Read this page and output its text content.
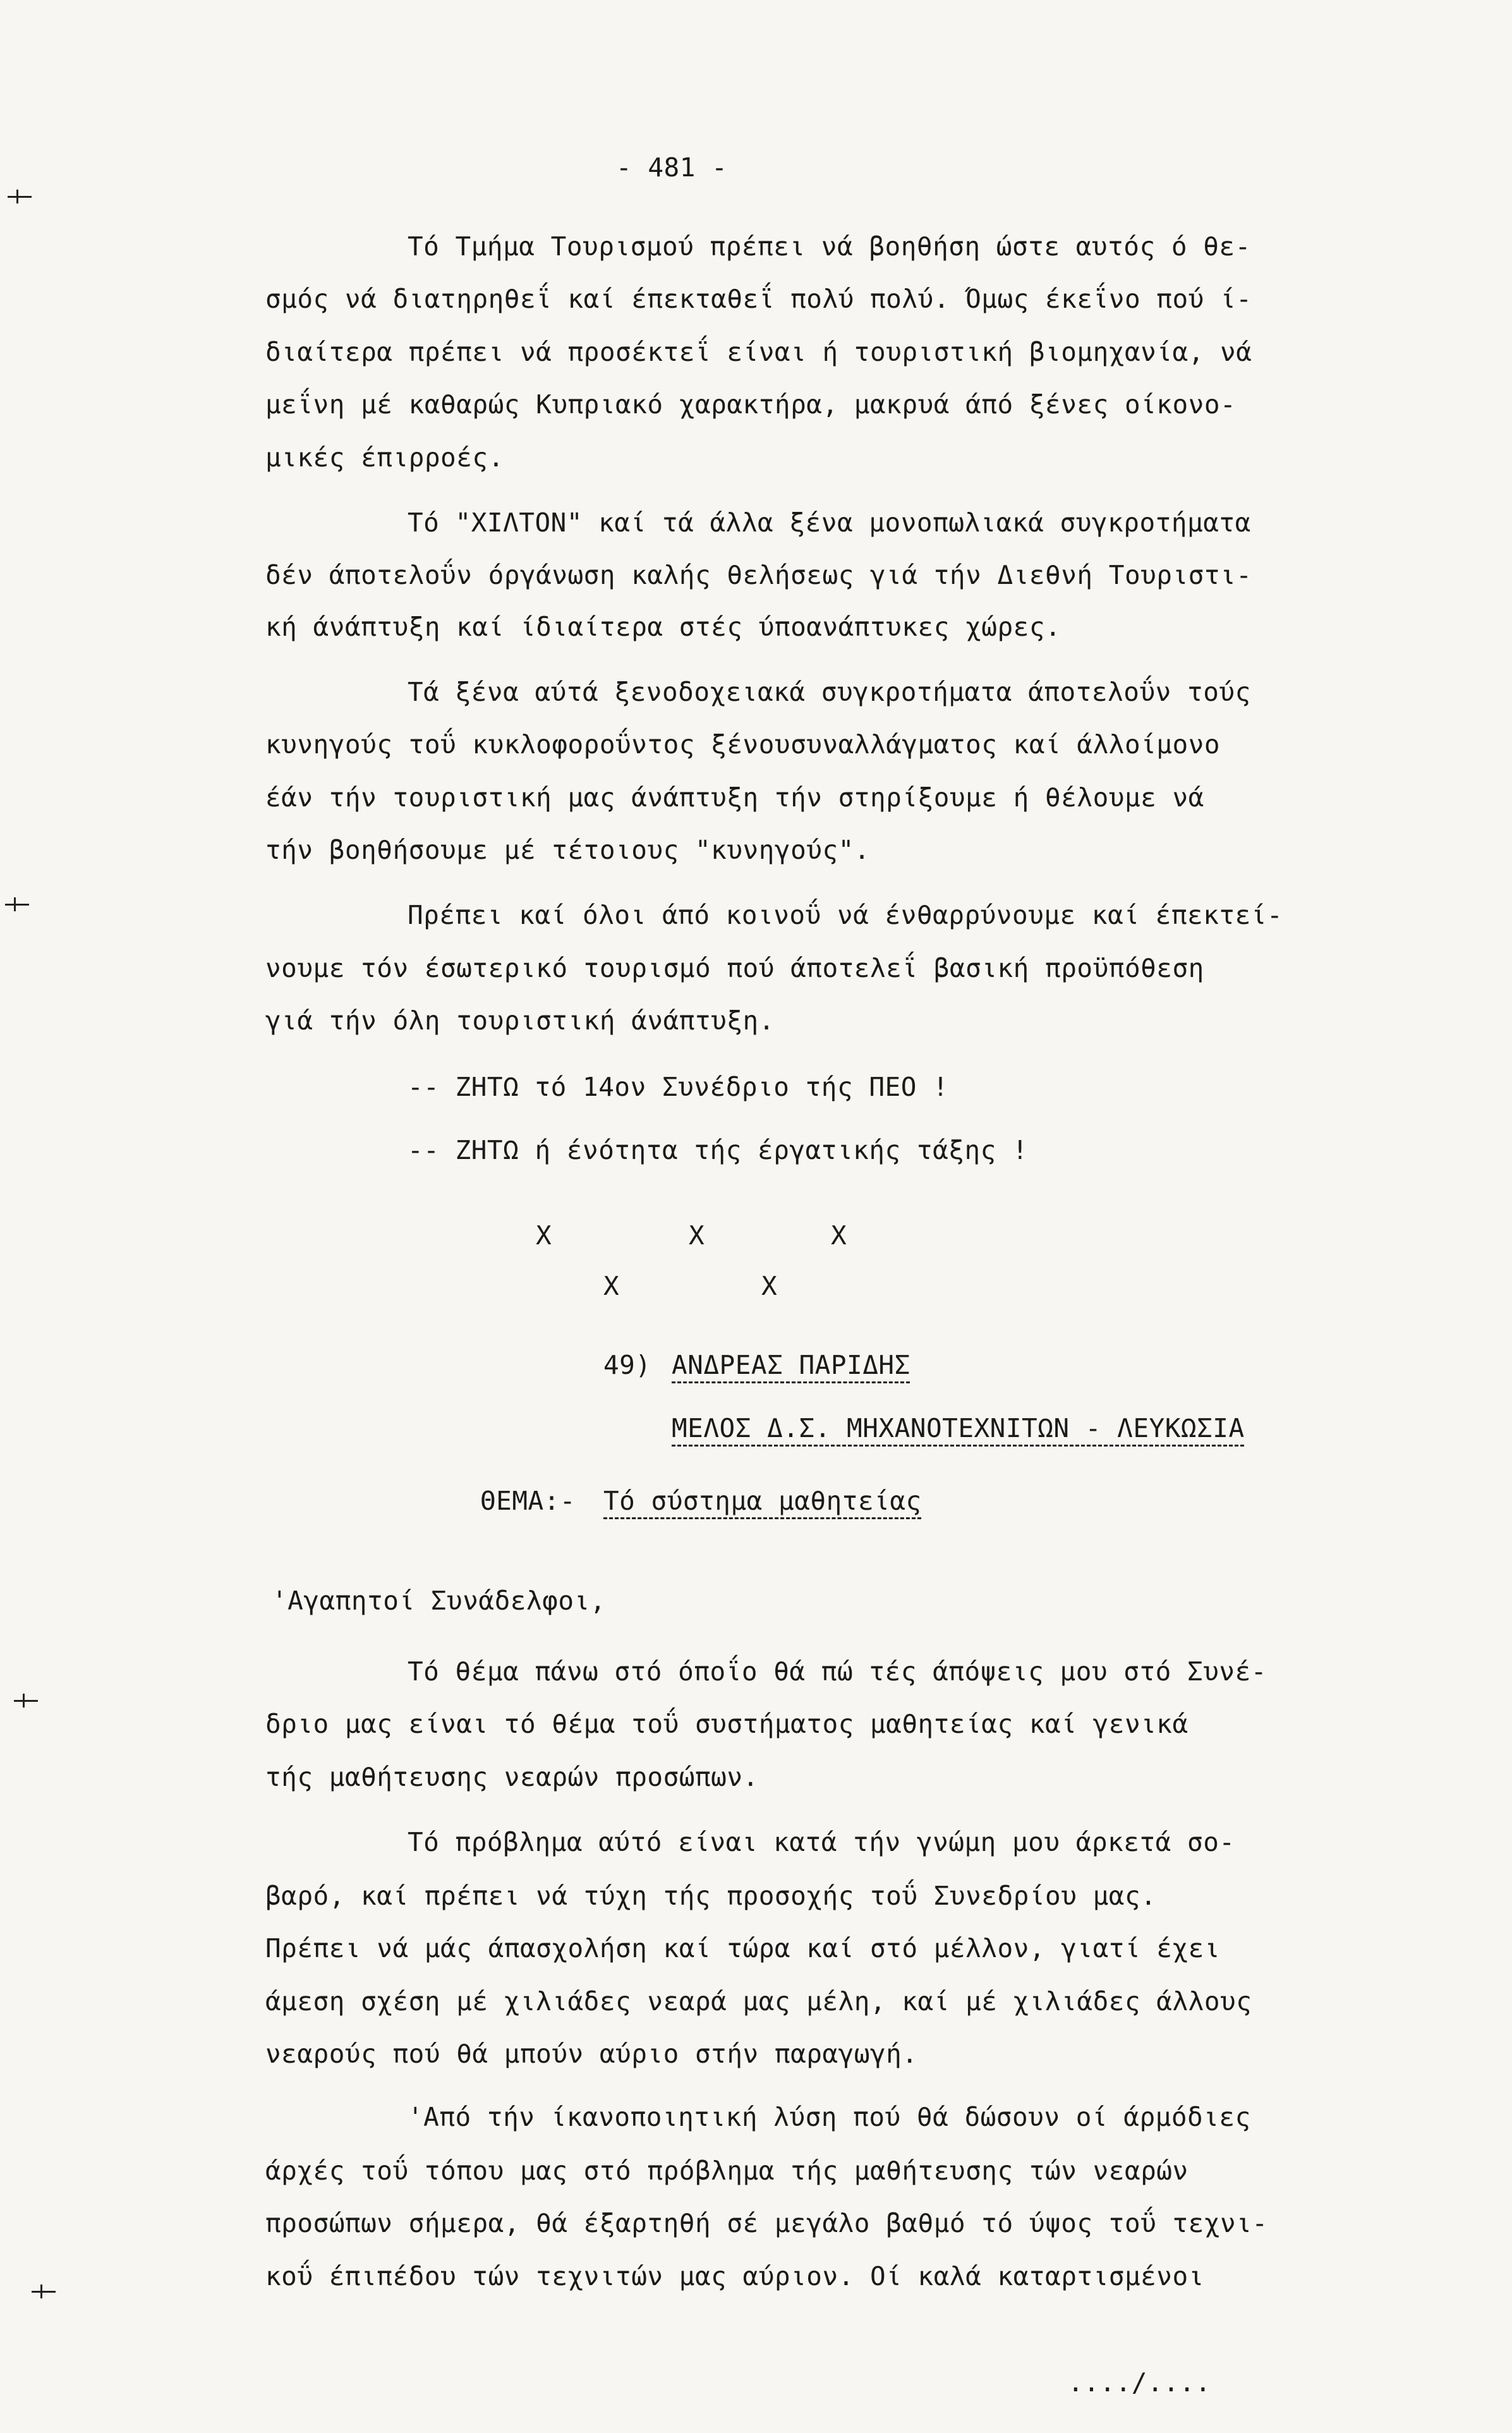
- 481 -
Τό Τμήμα Τουρισμού πρέπει νά βοηθήση ώστε αυτός ό θε-
σμός νά διατηρηθεΐ καί έπεκταθεΐ πολύ πολύ. Όμως έκεΐνο πού ί-
διαίτερα πρέπει νά προσέκτεΐ είναι ή τουριστική βιομηχανία, νά
μεΐνη μέ καθαρώς Κυπριακό χαρακτήρα, μακρυά άπό ξένες οίκονο-
μικές έπιρροές.
Τό "ΧΙΛΤΟΝ" καί τά άλλα ξένα μονοπωλιακά συγκροτήματα
δέν άποτελοΰν όργάνωση καλής θελήσεως γιά τήν Διεθνή Τουριστι-
κή άνάπτυξη καί ίδιαίτερα στές ύποανάπτυκες χώρες.
Τά ξένα αύτά ξενοδοχειακά συγκροτήματα άποτελοΰν τούς
κυνηγούς τοΰ κυκλοφοροΰντος ξένουσυναλλάγματος καί άλλοίμονο
έάν τήν τουριστική μας άνάπτυξη τήν στηρίξουμε ή θέλουμε νά
τήν βοηθήσουμε μέ τέτοιους "κυνηγούς".
Πρέπει καί όλοι άπό κοινοΰ νά ένθαρρύνουμε καί έπεκτεί-
νουμε τόν έσωτερικό τουρισμό πού άποτελεΐ βασική προϋπόθεση
γιά τήν όλη τουριστική άνάπτυξη.
-- ΖΗΤΩ τό 14ον Συνέδριο τής ΠΕΟ !
-- ΖΗΤΩ ή ένότητα τής έργατικής τάξης !
Χ	Χ	Χ
Χ	Χ
49) ΑΝΔΡΕΑΣ ΠΑΡΙΔΗΣ
ΜΕΛΟΣ Δ.Σ. ΜΗΧΑΝΟΤΕΧΝΙΤΩΝ - ΛΕΥΚΩΣΙΑ
ΘΕΜΑ:- Τό σύστημα μαθητείας
'Αγαπητοί Συνάδελφοι,
Τό θέμα πάνω στό όποΐο θά πώ τές άπόψεις μου στό Συνέ-
δριο μας είναι τό θέμα τοΰ συστήματος μαθητείας καί γενικά
τής μαθήτευσης νεαρών προσώπων.
Τό πρόβλημα αύτό είναι κατά τήν γνώμη μου άρκετά σο-
βαρό, καί πρέπει νά τύχη τής προσοχής τοΰ Συνεδρίου μας.
Πρέπει νά μάς άπασχολήση καί τώρα καί στό μέλλον, γιατί έχει
άμεση σχέση μέ χιλιάδες νεαρά μας μέλη, καί μέ χιλιάδες άλλους
νεαρούς πού θά μπούν αύριο στήν παραγωγή.
'Από τήν ίκανοποιητική λύση πού θά δώσουν οί άρμόδιες
άρχές τοΰ τόπου μας στό πρόβλημα τής μαθήτευσης τών νεαρών
προσώπων σήμερα, θά έξαρτηθή σέ μεγάλο βαθμό τό ύψος τοΰ τεχνι-
κοΰ έπιπέδου τών τεχνιτών μας αύριον. Οί καλά καταρτισμένοι
..../....
